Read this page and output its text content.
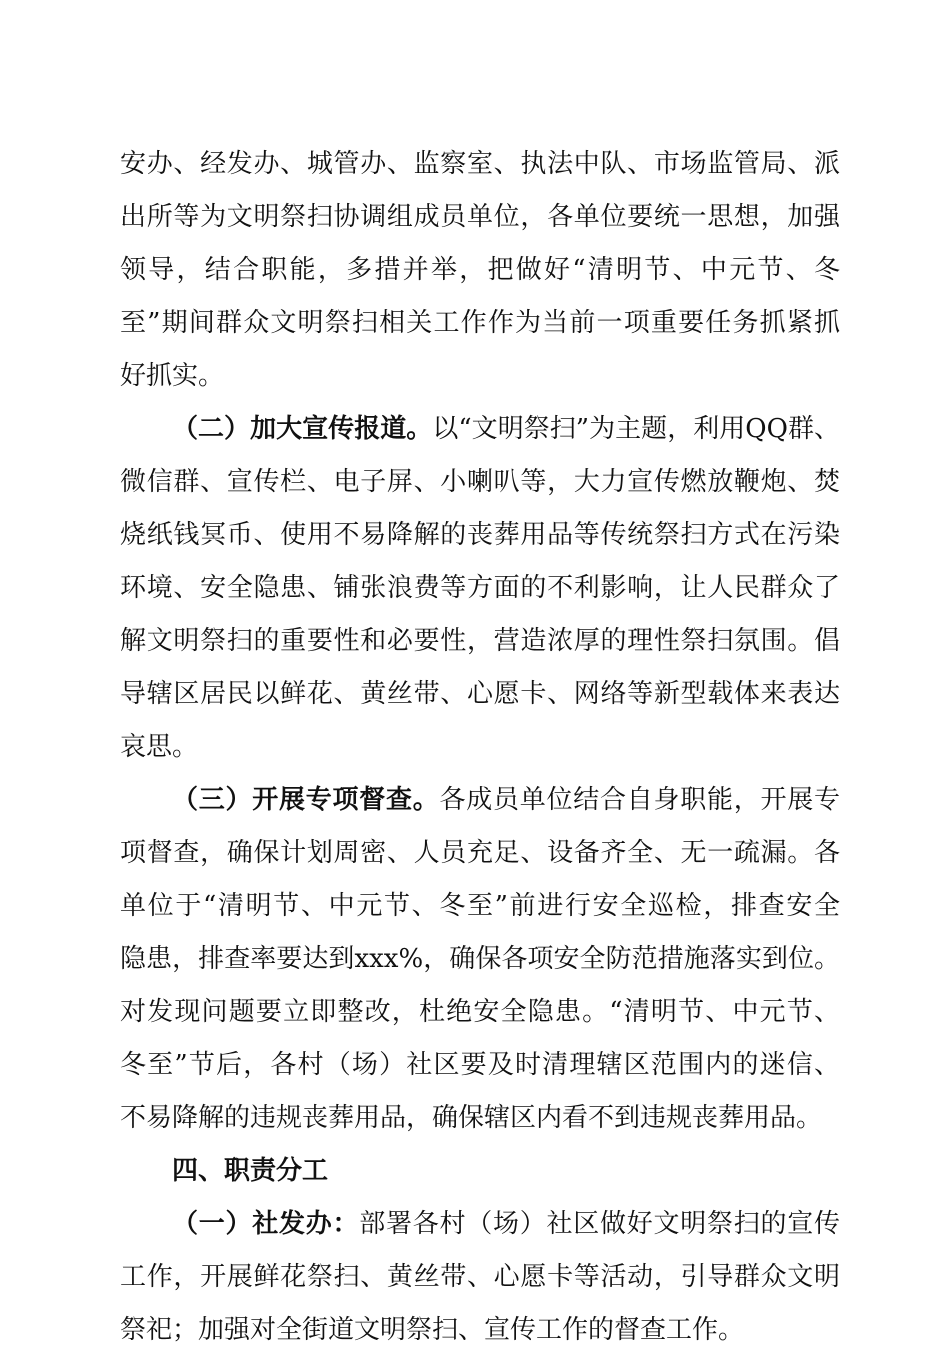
安办、经发办、城管办、监察室、执法中队、市场监管局、派
出所等为文明祭扫协调组成员单位，各单位要统一思想，加强
领导，结合职能，多措并举，把做好“清明节、中元节、冬
至”期间群众文明祭扫相关工作作为当前一项重要任务抓紧抓
好抓实。
（二）加大宣传报道。以“文明祭扫”为主题，利用QQ群、
微信群、宣传栏、电子屏、小喇叭等，大力宣传燃放鞭炮、焚
烧纸钱冥币、使用不易降解的丧葬用品等传统祭扫方式在污染
环境、安全隐患、铺张浪费等方面的不利影响，让人民群众了
解文明祭扫的重要性和必要性，营造浓厚的理性祭扫氛围。倡
导辖区居民以鲜花、黄丝带、心愿卡、网络等新型载体来表达
哀思。
（三）开展专项督查。各成员单位结合自身职能，开展专
项督查，确保计划周密、人员充足、设备齐全、无一疏漏。各
单位于“清明节、中元节、冬至”前进行安全巡检，排查安全
隐患，排查率要达到xxx%，确保各项安全防范措施落实到位。
对发现问题要立即整改，杜绝安全隐患。“清明节、中元节、
冬至”节后，各村（场）社区要及时清理辖区范围内的迷信、
不易降解的违规丧葬用品，确保辖区内看不到违规丧葬用品。
四、职责分工
（一）社发办：部署各村（场）社区做好文明祭扫的宣传
工作，开展鲜花祭扫、黄丝带、心愿卡等活动，引导群众文明
祭祀；加强对全街道文明祭扫、宣传工作的督查工作。
